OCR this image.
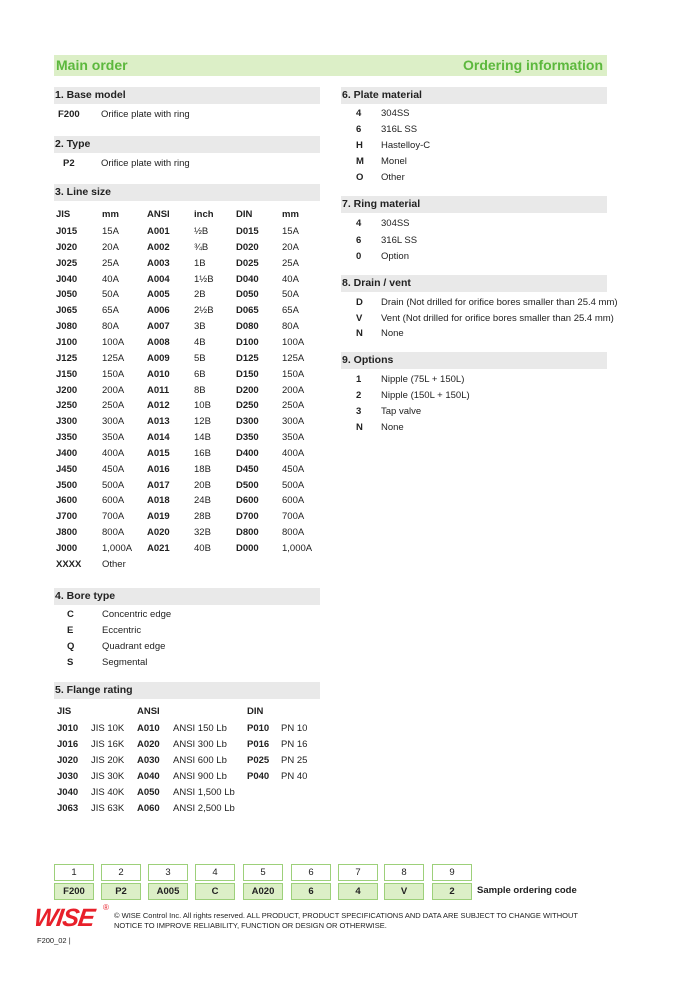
Main order	Ordering information
1. Base model
F200 Orifice plate with ring
2. Type
P2	Orifice plate with ring
3. Line size
JIS	mm	ANSI	inch DIN	mm
J015	15A	A001	½B	D015 15A
J020	20A	A002	¾B	D020 20A
J025	25A	A003	1B	D025 25A
J040	40A	A004	1½B D040 40A
J050	50A	A005	2B	D050 50A
J065	65A	A006	2½B D065 65A
J080	80A	A007	3B	D080 80A
J100	100A A008	4B	D100 100A
J125	125A A009	5B	D125 125A
J150	150A A010	6B	D150 150A
J200	200A A011	8B	D200 200A
J250	250A A012	10B	D250 250A
J300	300A A013	12B	D300 300A
J350	350A A014	14B	D350 350A
J400	400A A015	16B	D400 400A
J450	450A A016	18B	D450 450A
J500	500A A017	20B	D500 500A
J600	600A A018	24B	D600 600A
J700	700A A019	28B	D700 700A
J800	800A A020	32B	D800 800A
J000	1,000A A021	40B	D000 1,000A
XXXX Other
4. Bore type
C	Concentric edge
E	Eccentric
Q	Quadrant edge
S	Segmental
5. Flange rating
JIS	ANSI	DIN
J010 JIS 10K A010 ANSI 150 Lb P010 PN 10
J016 JIS 16K A020 ANSI 300 Lb P016 PN 16
J020 JIS 20K A030 ANSI 600 Lb P025 PN 25
J030 JIS 30K A040 ANSI 900 Lb P040 PN 40
J040 JIS 40K A050 ANSI 1,500 Lb
J063 JIS 63K A060 ANSI 2,500 Lb
6. Plate material
4 304SS
6 316L SS
H Hastelloy-C
M Monel
O Other
7. Ring material
4 304SS
6 316L SS
0 Option
8. Drain / vent
D Drain (Not drilled for orifice bores smaller than 25.4 mm)
V Vent (Not drilled for orifice bores smaller than 25.4 mm)
N None
9. Options
1 Nipple (75L + 150L)
2 Nipple (150L + 150L)
3 Tap valve
N None
1
F200
2
P2
3
A005
4
C
5
A020
6
6
7
4
8
V
9
2	Sample ordering code
WISE ®
© WISE Control Inc. All rights reserved. ALL PRODUCT, PRODUCT SPECIFICATIONS AND DATA ARE SUBJECT TO CHANGE WITHOUT NOTICE TO IMPROVE RELIABILITY, FUNCTION OR DESIGN OR OTHERWISE.
F200_02 |
